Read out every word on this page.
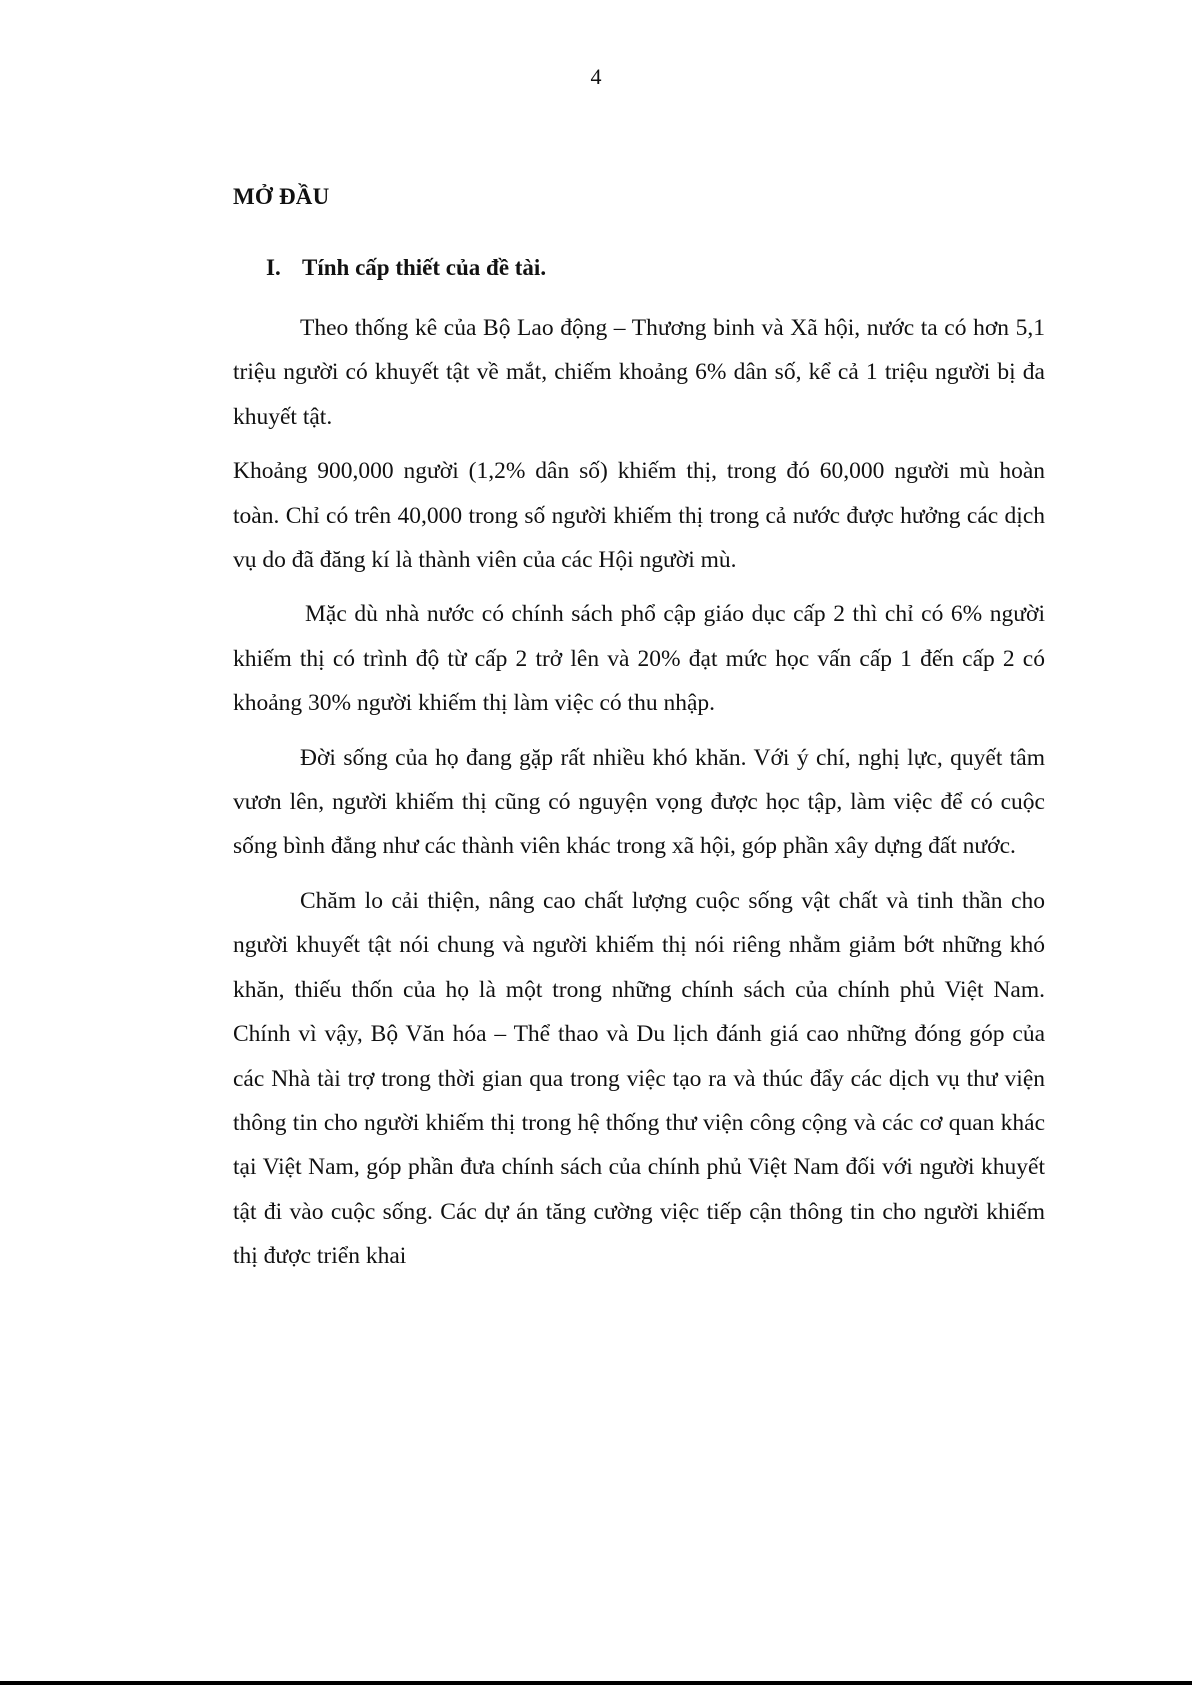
4
MỞ ĐẦU
I. Tính cấp thiết của đề tài.

Theo thống kê của Bộ Lao động – Thương binh và Xã hội, nước ta có hơn 5,1 triệu người có khuyết tật về mắt, chiếm khoảng 6% dân số, kể cả 1 triệu người bị đa khuyết tật.

Khoảng 900,000 người (1,2% dân số) khiếm thị, trong đó 60,000 người mù hoàn toàn. Chỉ có trên 40,000 trong số người khiếm thị trong cả nước được hưởng các dịch vụ do đã đăng kí là thành viên của các Hội người mù.

Mặc dù nhà nước có chính sách phổ cập giáo dục cấp 2 thì chỉ có 6% người khiếm thị có trình độ từ cấp 2 trở lên và 20% đạt mức học vấn cấp 1 đến cấp 2 có khoảng 30% người khiếm thị làm việc có thu nhập.

Đời sống của họ đang gặp rất nhiều khó khăn. Với ý chí, nghị lực, quyết tâm vươn lên, người khiếm thị cũng có nguyện vọng được học tập, làm việc để có cuộc sống bình đẳng như các thành viên khác trong xã hội, góp phần xây dựng đất nước.

Chăm lo cải thiện, nâng cao chất lượng cuộc sống vật chất và tinh thần cho người khuyết tật nói chung và người khiếm thị nói riêng nhằm giảm bớt những khó khăn, thiếu thốn của họ là một trong những chính sách của chính phủ Việt Nam. Chính vì vậy, Bộ Văn hóa – Thể thao và Du lịch đánh giá cao những đóng góp của các Nhà tài trợ trong thời gian qua trong việc tạo ra và thúc đẩy các dịch vụ thư viện thông tin cho người khiếm thị trong hệ thống thư viện công cộng và các cơ quan khác tại Việt Nam, góp phần đưa chính sách của chính phủ Việt Nam đối với người khuyết tật đi vào cuộc sống. Các dự án tăng cường việc tiếp cận thông tin cho người khiếm thị được triển khai
